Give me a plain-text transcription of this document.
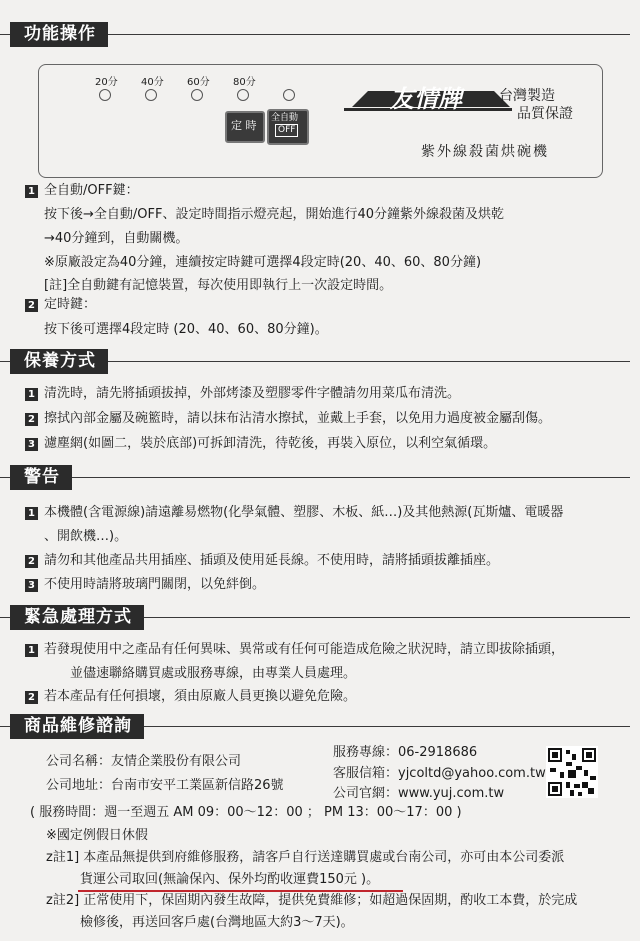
功能操作
20分 40分 60分 80分
定 時
全自動
OFF
友情牌	台灣製造
品質保證
紫外線殺菌烘碗機
1 全自動/OFF鍵：
按下後→全自動/OFF、設定時間指示燈亮起，開始進行40分鐘紫外線殺菌及烘乾
→40分鐘到，自動關機。
※原廠設定為40分鐘，連續按定時鍵可選擇4段定時(20、40、60、80分鐘)
[註]全自動鍵有記憶裝置，每次使用即執行上一次設定時間。
2 定時鍵：
按下後可選擇4段定時 (20、40、60、80分鐘)。
保養方式
1 清洗時，請先將插頭拔掉，外部烤漆及塑膠零件字體請勿用菜瓜布清洗。
2 擦拭內部金屬及碗籃時，請以抹布沾清水擦拭，並戴上手套，以免用力過度被金屬刮傷。
3 濾塵網(如圖二，裝於底部)可拆卸清洗，待乾後，再裝入原位，以利空氣循環。
警告
1 本機體(含電源線)請遠離易燃物(化學氣體、塑膠、木板、紙…)及其他熱源(瓦斯爐、電暖器
、開飲機…)。
2 請勿和其他產品共用插座、插頭及使用延長線。不使用時，請將插頭拔離插座。
3 不使用時請將玻璃門關閉，以免絆倒。
緊急處理方式
1 若發現使用中之產品有任何異味、異常或有任何可能造成危險之狀況時，請立即拔除插頭，
並儘速聯絡購買處或服務專線，由專業人員處理。
2 若本產品有任何損壞，須由原廠人員更換以避免危險。
商品維修諮詢
公司名稱：友情企業股份有限公司
公司地址：台南市安平工業區新信路26號
服務專線：06-2918686
客服信箱：yjcoltd@yahoo.com.tw
公司官網：www.yuj.com.tw
( 服務時間：週一至週五 AM 09：00～12：00 ； PM 13：00～17：00 )
※國定例假日休假
z註1] 本產品無提供到府維修服務，請客戶自行送達購買處或台南公司，亦可由本公司委派
貨運公司取回(無論保內、保外均酌收運費150元 )。
z註2] 正常使用下，保固期內發生故障，提供免費維修；如超過保固期，酌收工本費，於完成
檢修後，再送回客戶處(台灣地區大約3～7天)。
